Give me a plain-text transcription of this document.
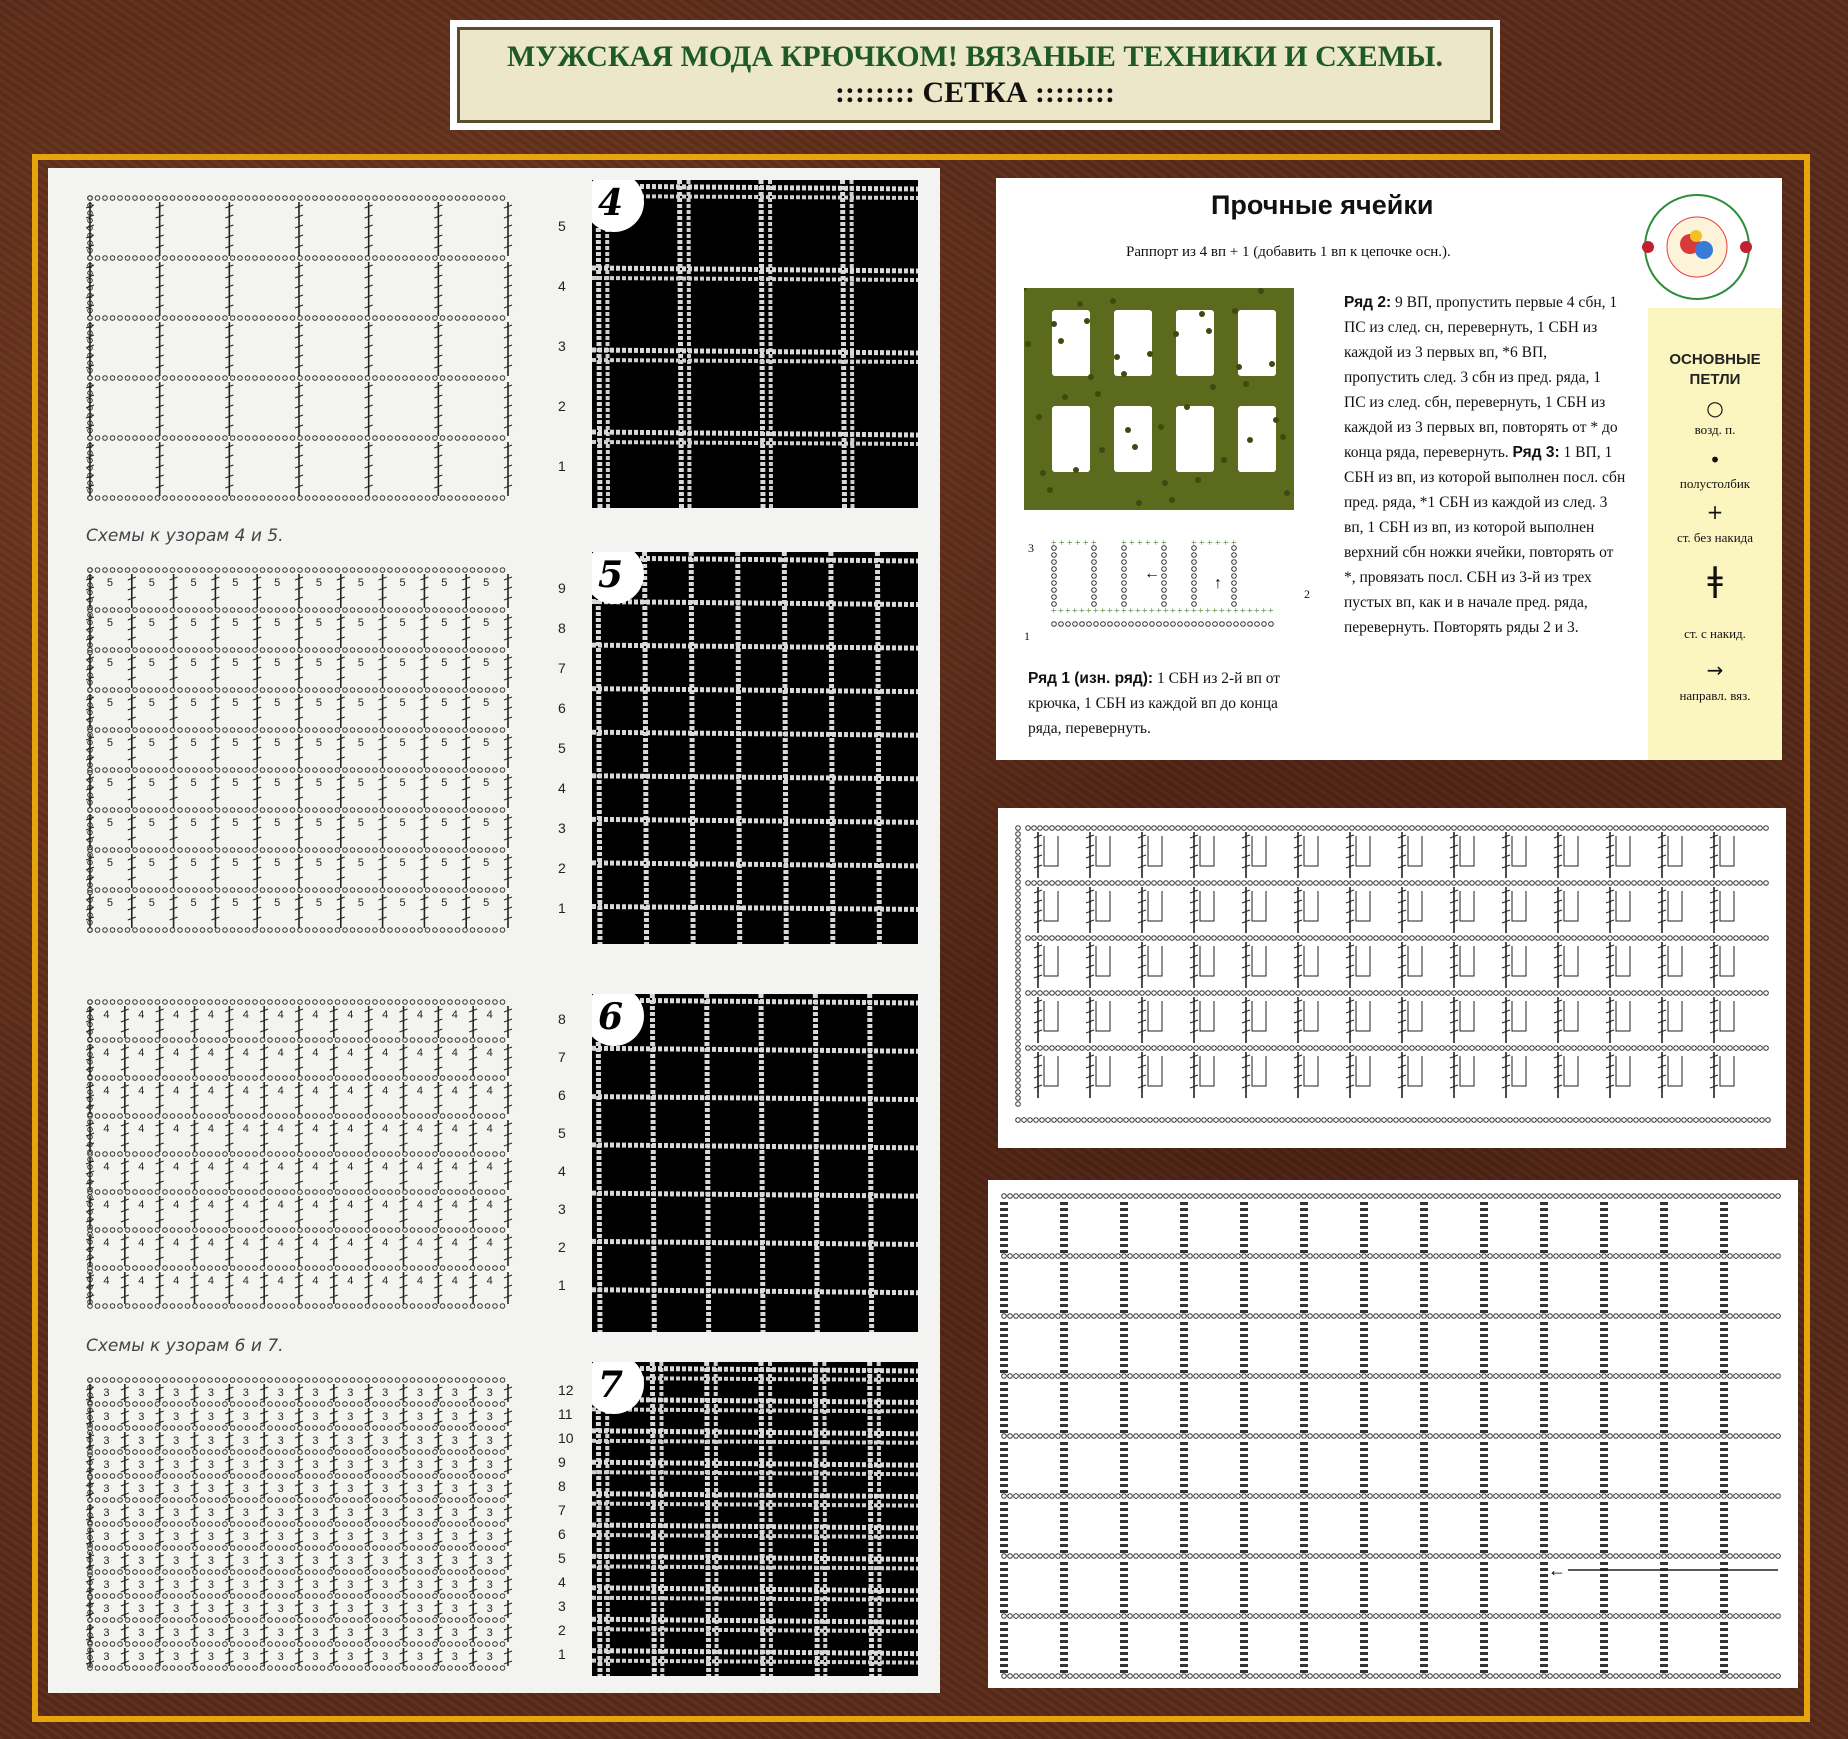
МУЖСКАЯ МОДА КРЮЧКОМ! ВЯЗАНЫЕ ТЕХНИКИ И СХЕМЫ.
:::::::: СЕТКА ::::::::
5
4
3
2
1
Схемы к узорам 4 и 5.
5	5	5	5	5	5	5	5	5	5
5	5	5	5	5	5	5	5	5	5
5	5	5	5	5	5	5	5	5	5
5	5	5	5	5	5	5	5	5	5
5	5	5	5	5	5	5	5	5	5
5	5	5	5	5	5	5	5	5	5
5	5	5	5	5	5	5	5	5	5
5	5	5	5	5	5	5	5	5	5
5	5	5	5	5	5	5	5	5	5
9
8
7
6
5
4
3
2
1
4	4	4	4	4	4	4	4	4	4	4	4
4	4	4	4	4	4	4	4	4	4	4	4
4	4	4	4	4	4	4	4	4	4	4	4
4	4	4	4	4	4	4	4	4	4	4	4
4	4	4	4	4	4	4	4	4	4	4	4
4	4	4	4	4	4	4	4	4	4	4	4
4	4	4	4	4	4	4	4	4	4	4	4
4	4	4	4	4	4	4	4	4	4	4	4
8
7
6
5
4
3
2
1
Схемы к узорам 6 и 7.
3	3	3	3	3	3	3	3	3	3	3	3
3	3	3	3	3	3	3	3	3	3	3	3
3	3	3	3	3	3	3	3	3	3	3	3
3	3	3	3	3	3	3	3	3	3	3	3
3	3	3	3	3	3	3	3	3	3	3	3
3	3	3	3	3	3	3	3	3	3	3	3
3	3	3	3	3	3	3	3	3	3	3	3
3	3	3	3	3	3	3	3	3	3	3	3
3	3	3	3	3	3	3	3	3	3	3	3
3	3	3	3	3	3	3	3	3	3	3	3
3	3	3	3	3	3	3	3	3	3	3	3
3	3	3	3	3	3	3	3	3	3	3	3
12
11
10
9
8
7
6
5
4
3
2
1
4
5
6
7
Прочные ячейки
Раппорт из 4 вп + 1 (добавить 1 вп к цепочке осн.).
+ + + + + + + + + + + + + + + + + + + + + + + + + + + + + + + +
+ + + + + + + + + + + + + + + + + +
←
↑
3
1
2
Ряд 1 (изн. ряд): 1 СБН из 2-й вп от крючка, 1 СБН из каждой вп до конца ряда, перевернуть.
Ряд 2: 9 ВП, пропустить первые 4 сбн, 1 ПС из след. сн, перевернуть, 1 СБН из каждой из 3 первых вп, *6 ВП, пропустить след. 3 сбн из пред. ряда, 1 ПС из след. сбн, перевернуть, 1 СБН из каждой из 3 первых вп, повторять от * до конца ряда, перевернуть. Ряд 3: 1 ВП, 1 СБН из вп, из которой выполнен посл. сбн пред. ряда, *1 СБН из каждой из след. 3 вп, 1 СБН из вп, из которой выполнен верхний сбн ножки ячейки, повторять от *, провязать посл. СБН из 3-й из трех пустых вп, как и в начале пред. ряда, перевернуть. Повторять ряды 2 и 3.
ОСНОВНЫЕ ПЕТЛИ
○
возд. п.
•
полустолбик
+
ст. без накида
ǂ
ст. с накид.
→
направл. вяз.
←
